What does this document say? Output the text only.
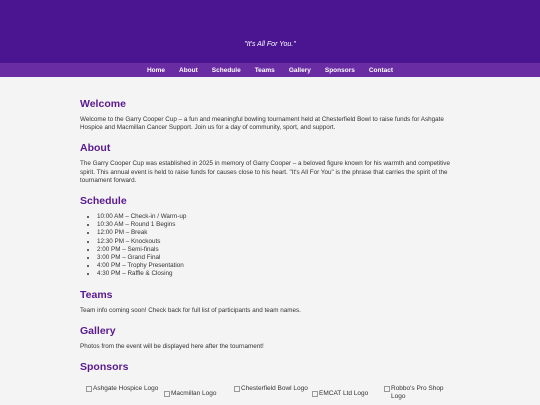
"It's All For You."
Home About Schedule Teams Gallery Sponsors Contact
Welcome

Welcome to the Garry Cooper Cup – a fun and meaningful bowling tournament held at Chesterfield Bowl to raise funds for Ashgate Hospice and Macmillan Cancer Support. Join us for a day of community, sport, and support.

About

The Garry Cooper Cup was established in 2025 in memory of Garry Cooper – a beloved figure known for his warmth and competitive spirit. This annual event is held to raise funds for causes close to his heart. "It's All For You" is the phrase that carries the spirit of the tournament forward.

Schedule
• 10:00 AM – Check-in / Warm-up
• 10:30 AM – Round 1 Begins
• 12:00 PM – Break
• 12:30 PM – Knockouts
• 2:00 PM – Semi-finals
• 3:00 PM – Grand Final
• 4:00 PM – Trophy Presentation
• 4:30 PM – Raffle & Closing
Teams

Team info coming soon! Check back for full list of participants and team names.

Gallery

Photos from the event will be displayed here after the tournament!

Sponsors
Ashgate Hospice Logo
Macmillan Logo
Chesterfield Bowl Logo
EMCAT Ltd Logo
Robbo's Pro Shop Logo
